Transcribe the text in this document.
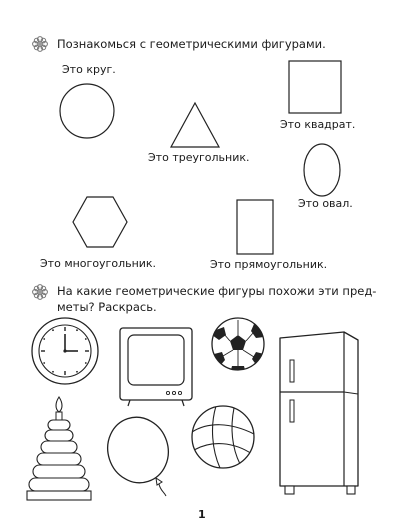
Познакомься с геометрическими фигурами.
Это круг.
Это квадрат.
Это треугольник.
Это овал.
Это многоугольник.	Это прямоугольник.
На какие геометрические фигуры похожи эти пред-
меты? Раскрась.
1
